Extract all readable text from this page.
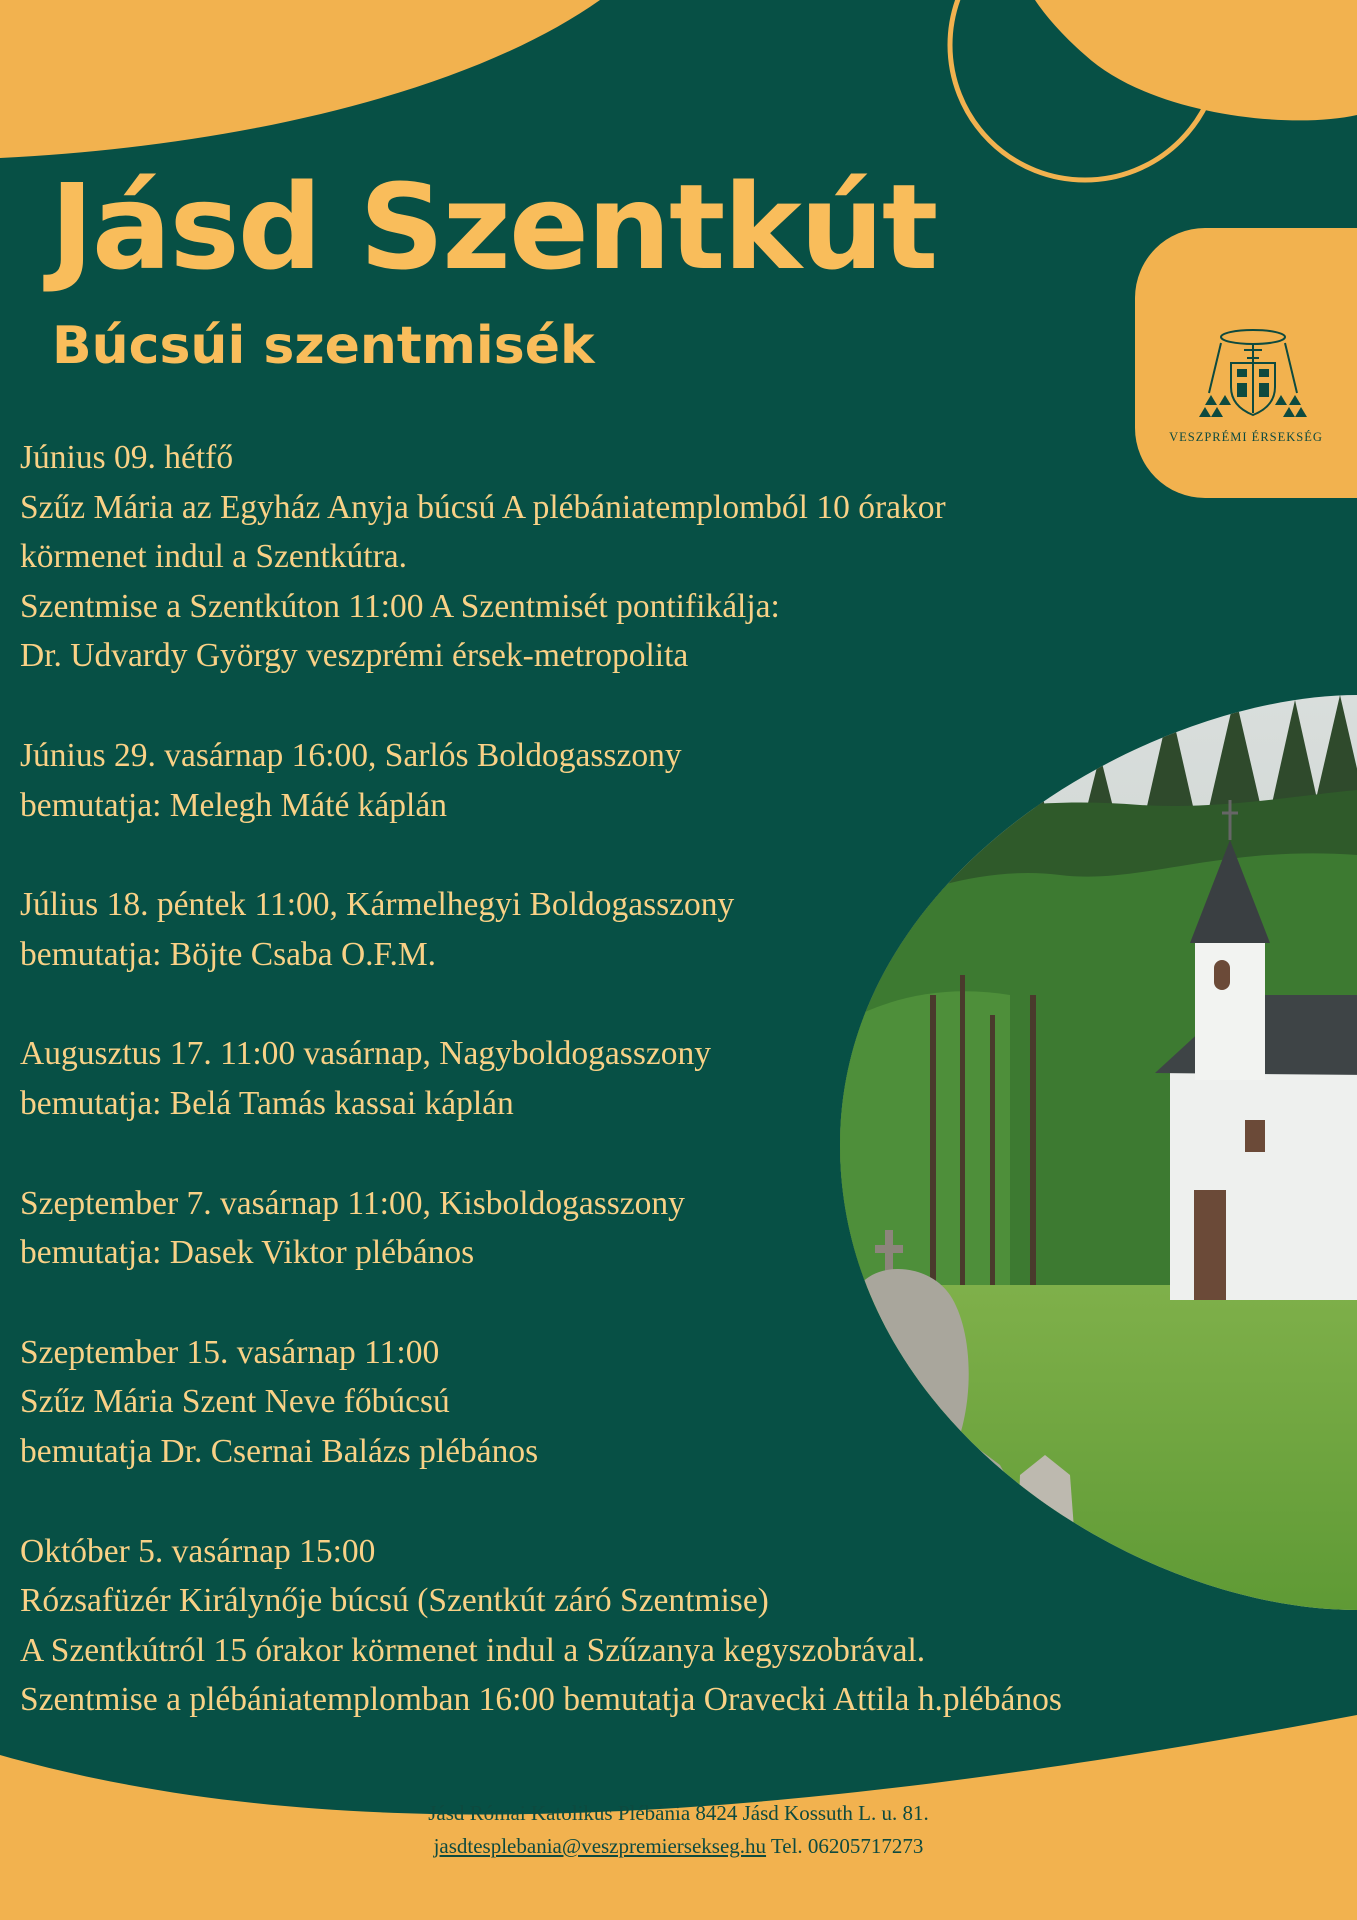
Jásd Szentkút
Búcsúi szentmisék
VESZPRÉMI ÉRSEKSÉG
Június 09. hétfő
Szűz Mária az Egyház Anyja búcsú A plébániatemplomból 10 órakor
körmenet indul a Szentkútra.
Szentmise a Szentkúton 11:00 A Szentmisét pontifikálja:
Dr. Udvardy György veszprémi érsek-metropolita
Június 29. vasárnap 16:00, Sarlós Boldogasszony
bemutatja: Melegh Máté káplán
Július 18. péntek 11:00, Kármelhegyi Boldogasszony
bemutatja: Böjte Csaba O.F.M.
Augusztus 17. 11:00 vasárnap, Nagyboldogasszony
bemutatja: Belá Tamás kassai káplán
Szeptember 7. vasárnap 11:00, Kisboldogasszony
bemutatja: Dasek Viktor plébános
Szeptember 15. vasárnap 11:00
Szűz Mária Szent Neve főbúcsú
bemutatja Dr. Csernai Balázs plébános
Október 5. vasárnap 15:00
Rózsafüzér Királynője búcsú (Szentkút záró Szentmise)
A Szentkútról 15 órakor körmenet indul a Szűzanya kegyszobrával.
Szentmise a plébániatemplomban 16:00 bemutatja Oravecki Attila h.plébános
Jásd Római Katolikus Plébánia 8424 Jásd Kossuth L. u. 81.
jasdtesplebania@veszpremiersekseg.hu Tel. 06205717273
